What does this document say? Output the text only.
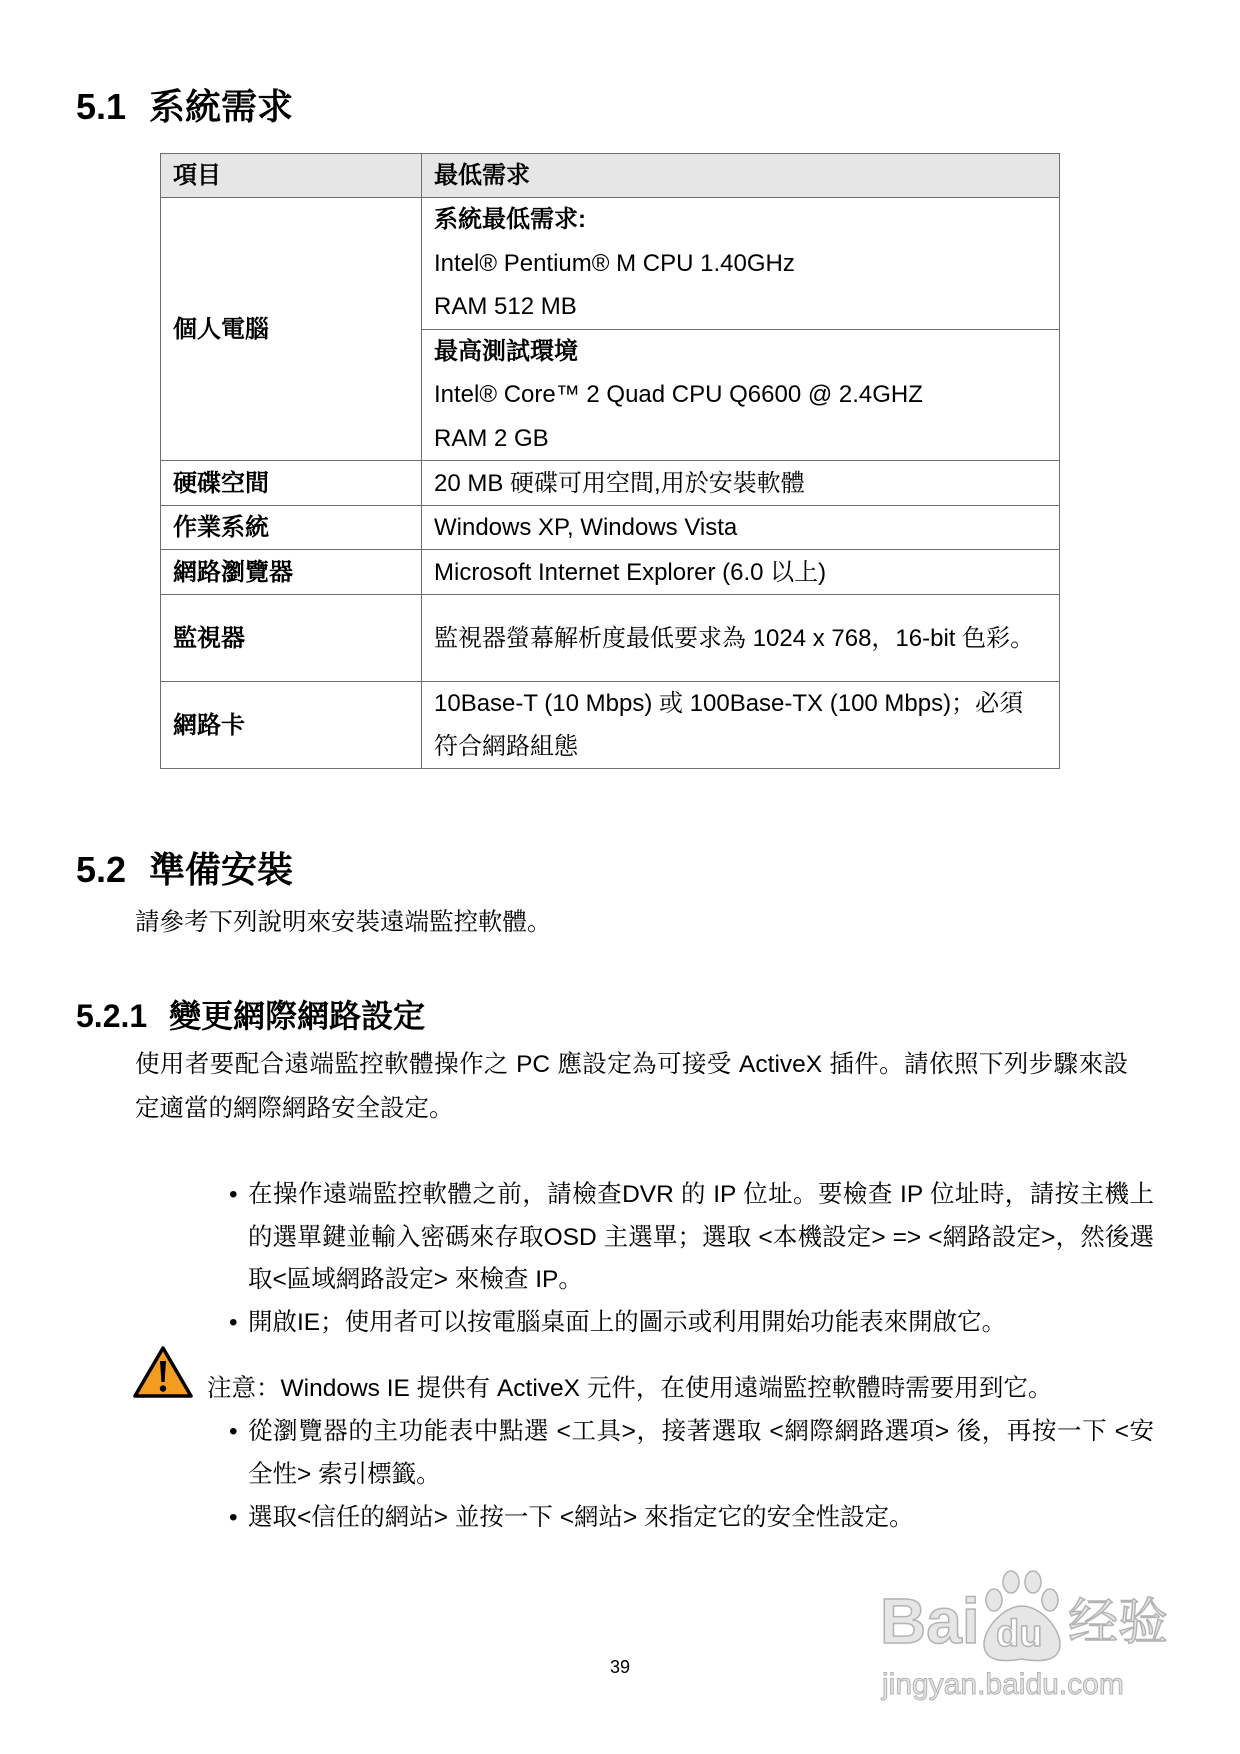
5.1 系統需求
項目	最低需求
個人電腦	系統最低需求:
Intel® Pentium® M CPU 1.40GHz
RAM 512 MB

	最高測試環境
Intel® Core™ 2 Quad CPU Q6600 @ 2.4GHZ
RAM 2 GB

硬碟空間	20 MB 硬碟可用空間,用於安裝軟體
作業系統	Windows XP, Windows Vista
網路瀏覽器	Microsoft Internet Explorer (6.0 以上)
監視器	監視器螢幕解析度最低要求為 1024 x 768，16-bit 色彩。
網路卡	10Base-T (10 Mbps) 或 100Base-TX (100 Mbps)；必須符合網路組態
5.2 準備安裝

請參考下列說明來安裝遠端監控軟體。

5.2.1 變更網際網路設定

使用者要配合遠端監控軟體操作之 PC 應設定為可接受 ActiveX 插件。請依照下列步驟來設定適當的網際網路安全設定。

• 在操作遠端監控軟體之前，請檢查DVR 的 IP 位址。要檢查 IP 位址時，請按主機上的選單鍵並輸入密碼來存取OSD 主選單；選取 <本機設定> => <網路設定>，然後選取<區域網路設定> 來檢查 IP。
• 開啟IE；使用者可以按電腦桌面上的圖示或利用開始功能表來開啟它。
注意：Windows IE 提供有 ActiveX 元件，在使用遠端監控軟體時需要用到它。
• 從瀏覽器的主功能表中點選 <工具>，接著選取 <網際網路選項> 後，再按一下 <安全性> 索引標籤。
• 選取<信任的網站> 並按一下 <網站> 來指定它的安全性設定。
39
Bai du 经验
jingyan.baidu.com
